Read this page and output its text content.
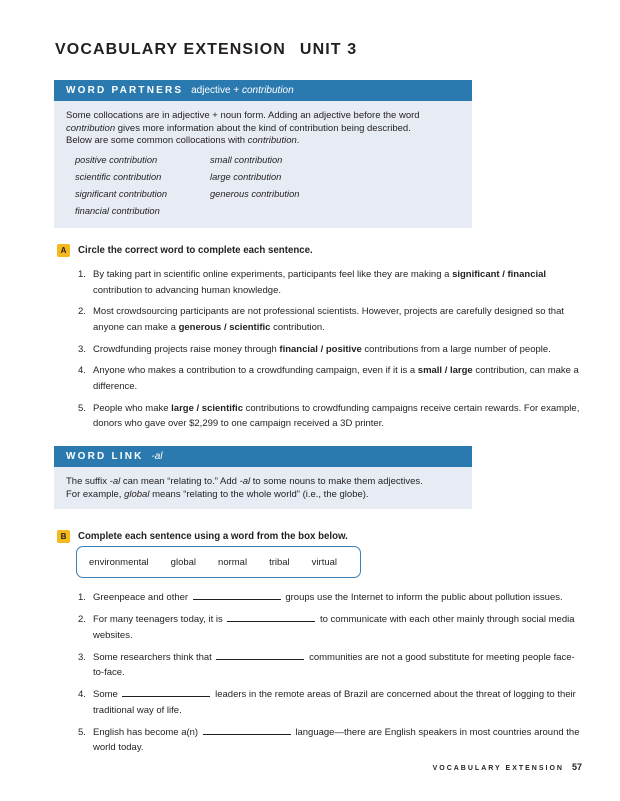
VOCABULARY EXTENSION UNIT 3
WORD PARTNERS adjective + contribution

Some collocations are in adjective + noun form. Adding an adjective before the word
contribution gives more information about the kind of contribution being described.
Below are some common collocations with contribution.

positive contribution	small contribution
scientific contribution	large contribution
significant contribution	generous contribution
financial contribution
A	Circle the correct word to complete each sentence.
1. By taking part in scientific online experiments, participants feel like they are making a significant / financial contribution to advancing human knowledge.
2. Most crowdsourcing participants are not professional scientists. However, projects are carefully designed so that anyone can make a generous / scientific contribution.
3. Crowdfunding projects raise money through financial / positive contributions from a large number of people.
4. Anyone who makes a contribution to a crowdfunding campaign, even if it is a small / large contribution, can make a difference.
5. People who make large / scientific contributions to crowdfunding campaigns receive certain rewards. For example, donors who gave over $2,299 to one campaign received a 3D printer.
WORD LINK -al

The suffix -al can mean “relating to.” Add -al to some nouns to make them adjectives.
For example, global means “relating to the whole world” (i.e., the globe).

B	Complete each sentence using a word from the box below.
environmental global normal tribal virtual
1. Greenpeace and other	groups use the Internet to inform the public about pollution issues.
2. For many teenagers today, it is	to communicate with each other mainly through social media websites.
3. Some researchers think that	communities are not a good substitute for meeting people face-to-face.
4. Some	leaders in the remote areas of Brazil are concerned about the threat of logging to their traditional way of life.
5. English has become a(n)	language—there are English speakers in most countries around the world today.
VOCABULARY EXTENSION 57
